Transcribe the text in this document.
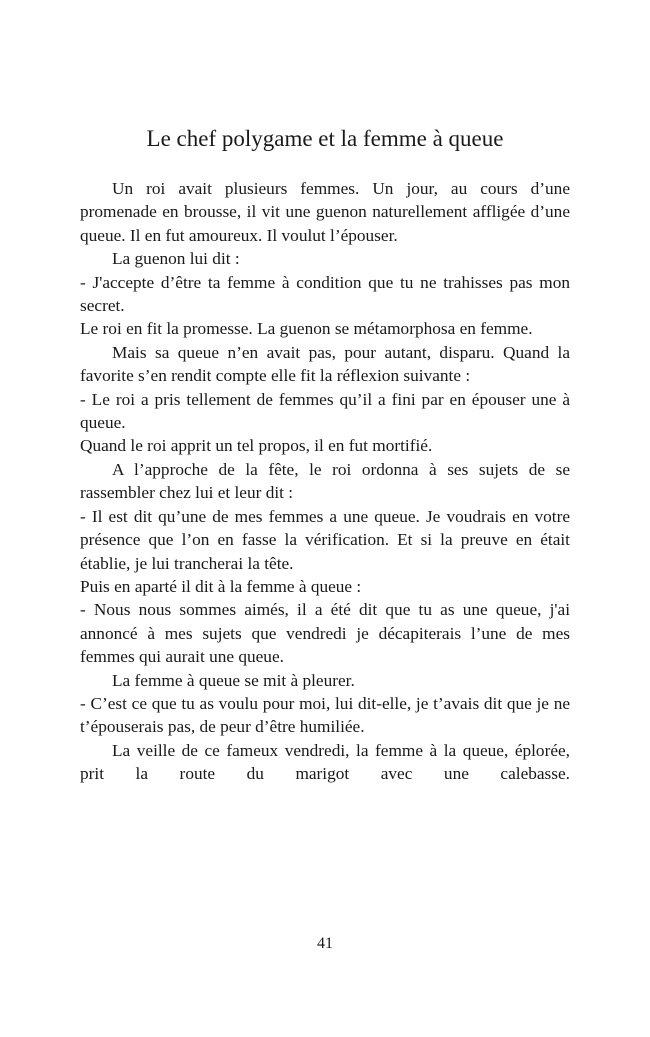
Le chef polygame et la femme à queue

Un roi avait plusieurs femmes. Un jour, au cours d’une promenade en brousse, il vit une guenon naturellement affligée d’une queue. Il en fut amoureux. Il voulut l’épouser.

La guenon lui dit :

- J'accepte d’être ta femme à condition que tu ne trahisses pas mon secret.

Le roi en fit la promesse. La guenon se métamorphosa en femme.

Mais sa queue n’en avait pas, pour autant, disparu. Quand la favorite s’en rendit compte elle fit la réflexion suivante :

- Le roi a pris tellement de femmes qu’il a fini par en épouser une à queue.

Quand le roi apprit un tel propos, il en fut mortifié.

A l’approche de la fête, le roi ordonna à ses sujets de se rassembler chez lui et leur dit :

- Il est dit qu’une de mes femmes a une queue. Je voudrais en votre présence que l’on en fasse la vérification. Et si la preuve en était établie, je lui trancherai la tête.

Puis en aparté il dit à la femme à queue :

- Nous nous sommes aimés, il a été dit que tu as une queue, j'ai annoncé à mes sujets que vendredi je décapiterais l’une de mes femmes qui aurait une queue.

La femme à queue se mit à pleurer.

- C’est ce que tu as voulu pour moi, lui dit-elle, je t’avais dit que je ne t’épouserais pas, de peur d’être humiliée.

La veille de ce fameux vendredi, la femme à la queue, éplorée, prit la route du marigot avec une calebasse.

41
